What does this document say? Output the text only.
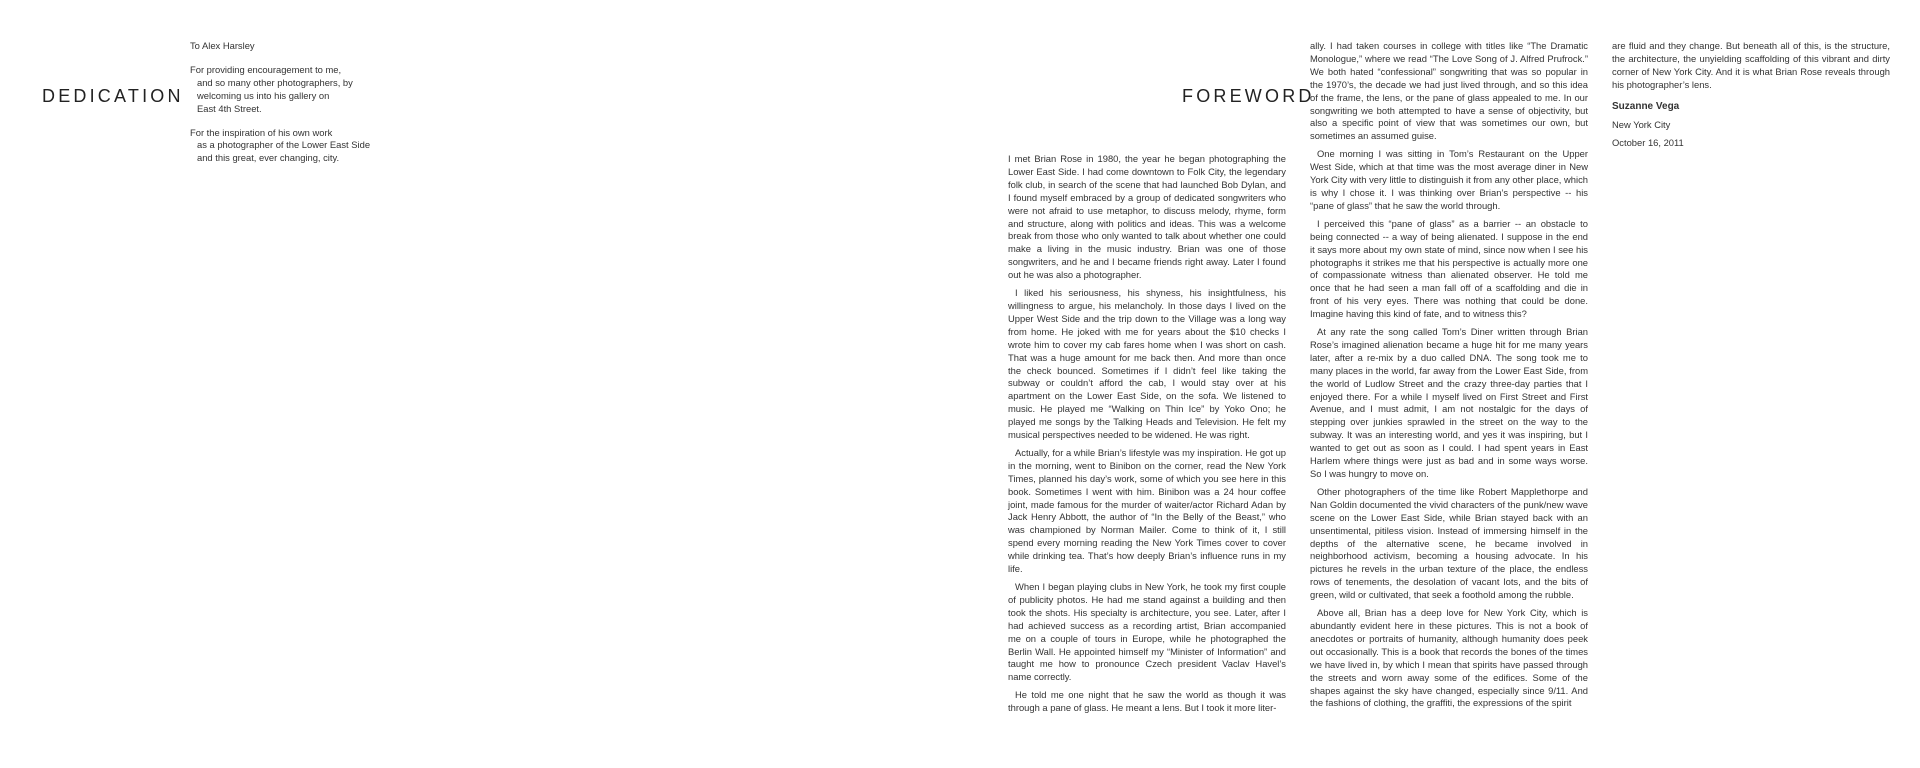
DEDICATION

To Alex Harsley

For providing encouragement to me,

and so many other photographers, by

welcoming us into his gallery on

East 4th Street.

For the inspiration of his own work

as a photographer of the Lower East Side

and this great, ever changing, city.

FOREWORD

I met Brian Rose in 1980, the year he began photographing the Lower East Side. I had come downtown to Folk City, the legendary folk club, in search of the scene that had launched Bob Dylan, and I found myself embraced by a group of dedicated songwriters who were not afraid to use metaphor, to discuss melody, rhyme, form and structure, along with politics and ideas. This was a welcome break from those who only wanted to talk about whether one could make a living in the music industry. Brian was one of those songwriters, and he and I became friends right away. Later I found out he was also a photographer.

I liked his seriousness, his shyness, his insightfulness, his willingness to argue, his melancholy. In those days I lived on the Upper West Side and the trip down to the Village was a long way from home. He joked with me for years about the $10 checks I wrote him to cover my cab fares home when I was short on cash. That was a huge amount for me back then. And more than once the check bounced. Sometimes if I didn’t feel like taking the subway or couldn’t afford the cab, I would stay over at his apartment on the Lower East Side, on the sofa. We listened to music. He played me “Walking on Thin Ice” by Yoko Ono; he played me songs by the Talking Heads and Television. He felt my musical perspectives needed to be widened. He was right.

Actually, for a while Brian’s lifestyle was my inspiration. He got up in the morning, went to Binibon on the corner, read the New York Times, planned his day’s work, some of which you see here in this book. Sometimes I went with him. Binibon was a 24 hour coffee joint, made famous for the murder of waiter/actor Richard Adan by Jack Henry Abbott, the author of “In the Belly of the Beast,” who was championed by Norman Mailer. Come to think of it, I still spend every morning reading the New York Times cover to cover while drinking tea. That’s how deeply Brian’s influence runs in my life.

When I began playing clubs in New York, he took my first couple of publicity photos. He had me stand against a building and then took the shots. His specialty is architecture, you see. Later, after I had achieved success as a recording artist, Brian accompanied me on a couple of tours in Europe, while he photographed the Berlin Wall. He appointed himself my “Minister of Information” and taught me how to pronounce Czech president Vaclav Havel’s name correctly.

He told me one night that he saw the world as though it was through a pane of glass. He meant a lens. But I took it more liter-

ally. I had taken courses in college with titles like “The Dramatic Monologue,” where we read “The Love Song of J. Alfred Prufrock.” We both hated “confessional” songwriting that was so popular in the 1970’s, the decade we had just lived through, and so this idea of the frame, the lens, or the pane of glass appealed to me. In our songwriting we both attempted to have a sense of objectivity, but also a specific point of view that was sometimes our own, but sometimes an assumed guise.

One morning I was sitting in Tom’s Restaurant on the Upper West Side, which at that time was the most average diner in New York City with very little to distinguish it from any other place, which is why I chose it. I was thinking over Brian’s perspective -- his “pane of glass” that he saw the world through.

I perceived this “pane of glass” as a barrier -- an obstacle to being connected -- a way of being alienated. I suppose in the end it says more about my own state of mind, since now when I see his photographs it strikes me that his perspective is actually more one of compassionate witness than alienated observer. He told me once that he had seen a man fall off of a scaffolding and die in front of his very eyes. There was nothing that could be done. Imagine having this kind of fate, and to witness this?

At any rate the song called Tom’s Diner written through Brian Rose’s imagined alienation became a huge hit for me many years later, after a re-mix by a duo called DNA. The song took me to many places in the world, far away from the Lower East Side, from the world of Ludlow Street and the crazy three-day parties that I enjoyed there. For a while I myself lived on First Street and First Avenue, and I must admit, I am not nostalgic for the days of stepping over junkies sprawled in the street on the way to the subway. It was an interesting world, and yes it was inspiring, but I wanted to get out as soon as I could. I had spent years in East Harlem where things were just as bad and in some ways worse. So I was hungry to move on.

Other photographers of the time like Robert Mapplethorpe and Nan Goldin documented the vivid characters of the punk/new wave scene on the Lower East Side, while Brian stayed back with an unsentimental, pitiless vision. Instead of immersing himself in the depths of the alternative scene, he became involved in neighborhood activism, becoming a housing advocate. In his pictures he revels in the urban texture of the place, the endless rows of tenements, the desolation of vacant lots, and the bits of green, wild or cultivated, that seek a foothold among the rubble.

Above all, Brian has a deep love for New York City, which is abundantly evident here in these pictures. This is not a book of anecdotes or portraits of humanity, although humanity does peek out occasionally. This is a book that records the bones of the times we have lived in, by which I mean that spirits have passed through the streets and worn away some of the edifices. Some of the shapes against the sky have changed, especially since 9/11. And the fashions of clothing, the graffiti, the expressions of the spirit

are fluid and they change. But beneath all of this, is the structure, the architecture, the unyielding scaffolding of this vibrant and dirty corner of New York City. And it is what Brian Rose reveals through his photographer’s lens.

Suzanne Vega

New York City

October 16, 2011
